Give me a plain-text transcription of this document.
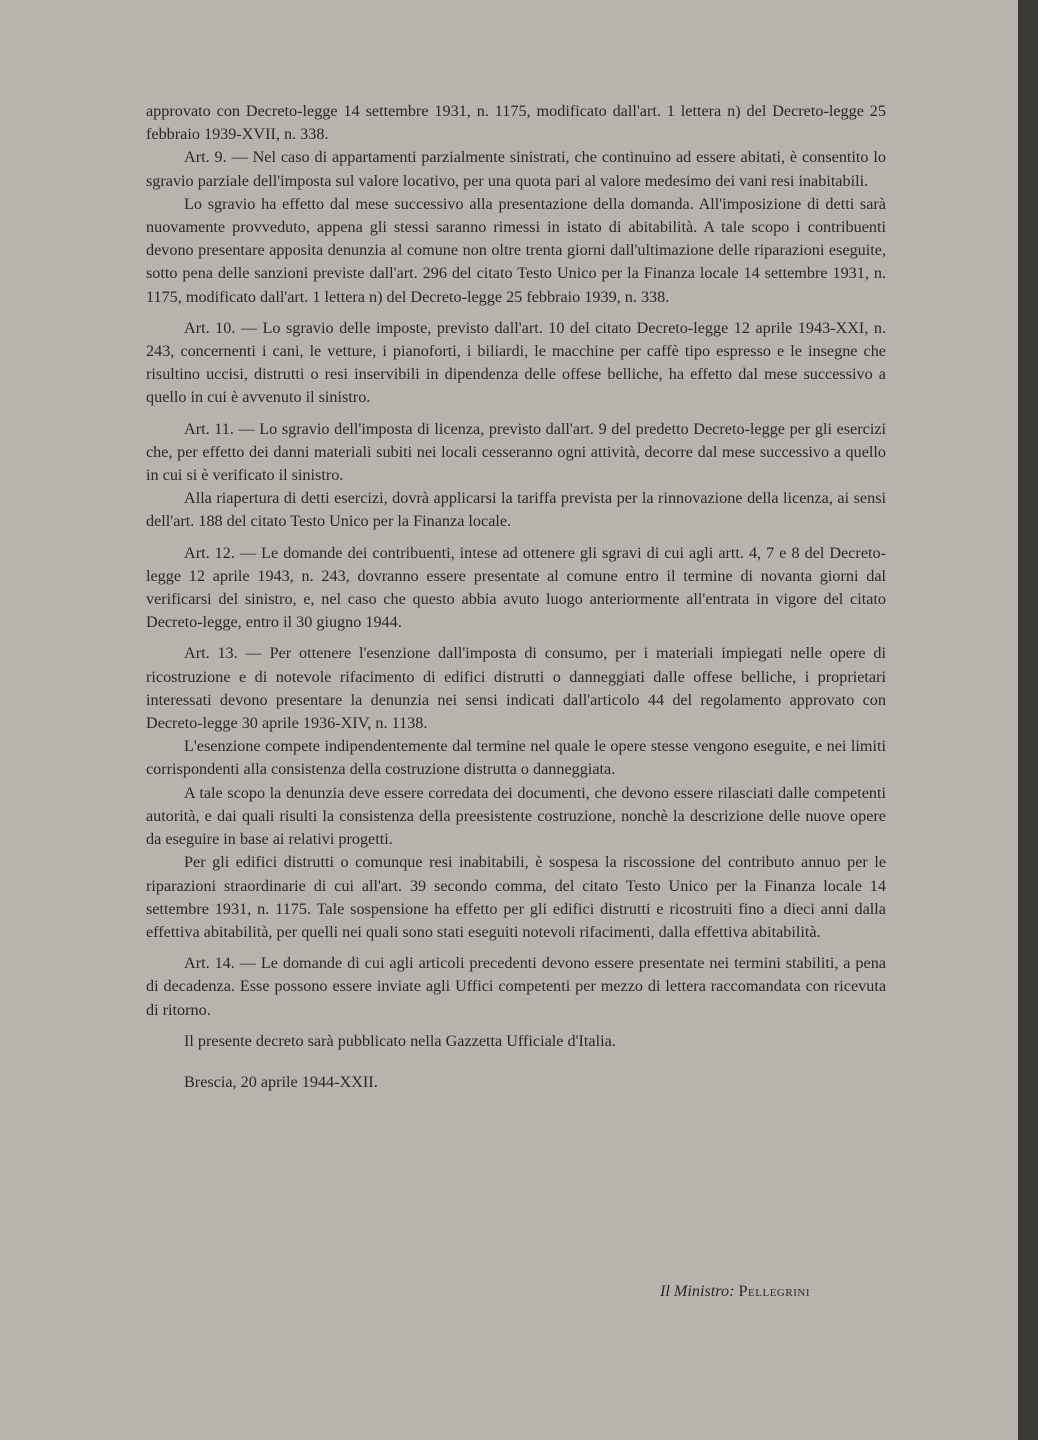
approvato con Decreto-legge 14 settembre 1931, n. 1175, modificato dall'art. 1 lettera n) del Decreto-legge 25 febbraio 1939-XVII, n. 338.

Art. 9. — Nel caso di appartamenti parzialmente sinistrati, che continuino ad essere abitati, è consentito lo sgravio parziale dell'imposta sul valore locativo, per una quota pari al valore medesimo dei vani resi inabitabili.

Lo sgravio ha effetto dal mese successivo alla presentazione della domanda. All'imposizione di detti sarà nuovamente provveduto, appena gli stessi saranno rimessi in istato di abitabilità. A tale scopo i contribuenti devono presentare apposita denunzia al comune non oltre trenta giorni dall'ultimazione delle riparazioni eseguite, sotto pena delle sanzioni previste dall'art. 296 del citato Testo Unico per la Finanza locale 14 settembre 1931, n. 1175, modificato dall'art. 1 lettera n) del Decreto-legge 25 febbraio 1939, n. 338.

Art. 10. — Lo sgravio delle imposte, previsto dall'art. 10 del citato Decreto-legge 12 aprile 1943-XXI, n. 243, concernenti i cani, le vetture, i pianoforti, i biliardi, le macchine per caffè tipo espresso e le insegne che risultino uccisi, distrutti o resi inservibili in dipendenza delle offese belliche, ha effetto dal mese successivo a quello in cui è avvenuto il sinistro.

Art. 11. — Lo sgravio dell'imposta di licenza, previsto dall'art. 9 del predetto Decreto-legge per gli esercizi che, per effetto dei danni materiali subiti nei locali cesseranno ogni attività, decorre dal mese successivo a quello in cui si è verificato il sinistro.

Alla riapertura di detti esercizi, dovrà applicarsi la tariffa prevista per la rinnovazione della licenza, ai sensi dell'art. 188 del citato Testo Unico per la Finanza locale.

Art. 12. — Le domande dei contribuenti, intese ad ottenere gli sgravi di cui agli artt. 4, 7 e 8 del Decreto-legge 12 aprile 1943, n. 243, dovranno essere presentate al comune entro il termine di novanta giorni dal verificarsi del sinistro, e, nel caso che questo abbia avuto luogo anteriormente all'entrata in vigore del citato Decreto-legge, entro il 30 giugno 1944.

Art. 13. — Per ottenere l'esenzione dall'imposta di consumo, per i materiali impiegati nelle opere di ricostruzione e di notevole rifacimento di edifici distrutti o danneggiati dalle offese belliche, i proprietari interessati devono presentare la denunzia nei sensi indicati dall'articolo 44 del regolamento approvato con Decreto-legge 30 aprile 1936-XIV, n. 1138.

L'esenzione compete indipendentemente dal termine nel quale le opere stesse vengono eseguite, e nei limiti corrispondenti alla consistenza della costruzione distrutta o danneggiata.

A tale scopo la denunzia deve essere corredata dei documenti, che devono essere rilasciati dalle competenti autorità, e dai quali risulti la consistenza della preesistente costruzione, nonchè la descrizione delle nuove opere da eseguire in base ai relativi progetti.

Per gli edifici distrutti o comunque resi inabitabili, è sospesa la riscossione del contributo annuo per le riparazioni straordinarie di cui all'art. 39 secondo comma, del citato Testo Unico per la Finanza locale 14 settembre 1931, n. 1175. Tale sospensione ha effetto per gli edifici distrutti e ricostruiti fino a dieci anni dalla effettiva abitabilità, per quelli nei quali sono stati eseguiti notevoli rifacimenti, dalla effettiva abitabilità.

Art. 14. — Le domande di cui agli articoli precedenti devono essere presentate nei termini stabiliti, a pena di decadenza. Esse possono essere inviate agli Uffici competenti per mezzo di lettera raccomandata con ricevuta di ritorno.

Il presente decreto sarà pubblicato nella Gazzetta Ufficiale d'Italia.

Brescia, 20 aprile 1944-XXII.

Il Ministro: Pellegrini
